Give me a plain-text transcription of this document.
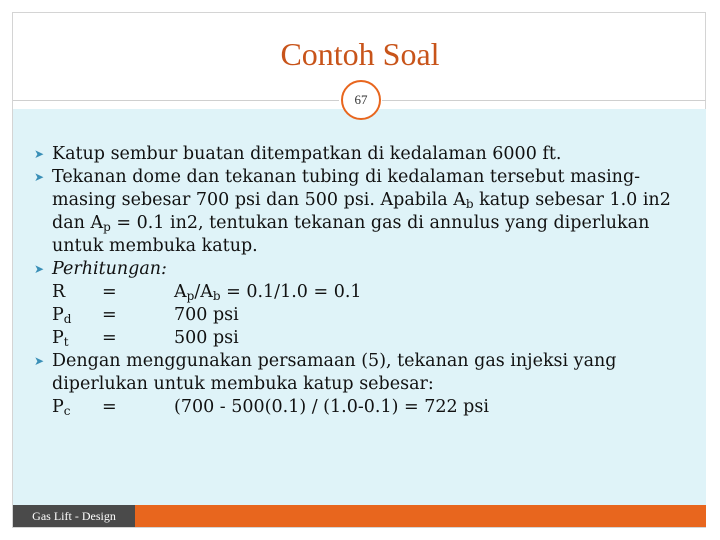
Contoh Soal
67
➤ Katup sembur buatan ditempatkan di kedalaman 6000 ft.
➤ Tekanan dome dan tekanan tubing di kedalaman tersebut masing-
masing sebesar 700 psi dan 500 psi. Apabila $A_b$ katup sebesar 1.0 in2
dan $A_p = 0.1$ in2, tentukan tekanan gas di annulus yang diperlukan
untuk membuka katup.
➤ Perhitungan:
R =	$A_p/A_b = 0.1/1.0 = 0.1$
$P_d$ =	700 psi
$P_t$ =	500 psi
➤ Dengan menggunakan persamaan (5), tekanan gas injeksi yang
diperlukan untuk membuka katup sebesar:
$P_c$ =	(700 - 500(0.1) / (1.0-0.1) = 722 psi
Gas Lift - Design
